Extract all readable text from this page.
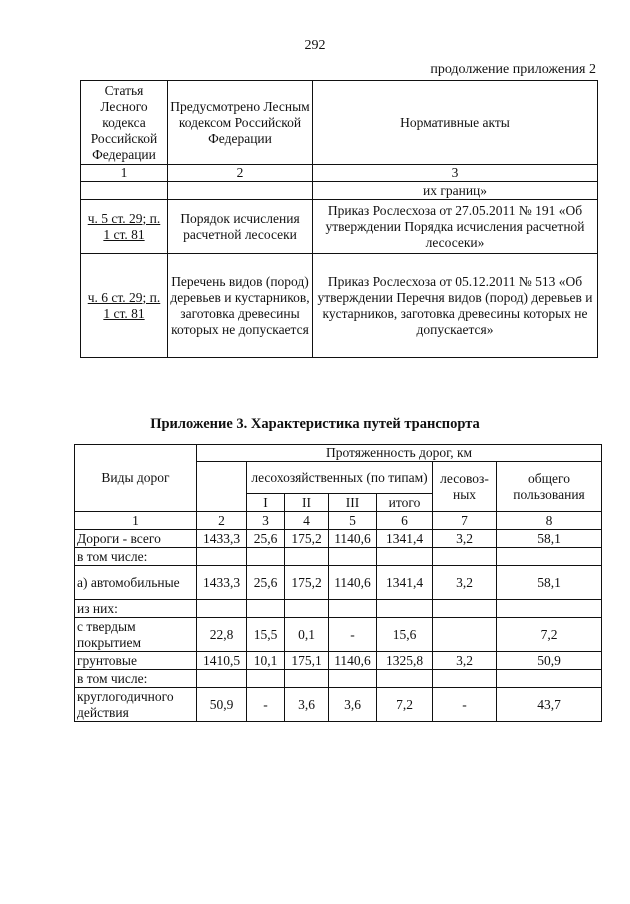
292
продолжение приложения 2
Статья Лесного кодекса Российской Федерации	Предусмотрено Лесным кодексом Российской Федерации	Нормативные акты
1	2	3
		их границ»
ч. 5 ст. 29; п. 1 ст. 81	Порядок исчисления расчетной лесосеки	Приказ Рослесхоза от 27.05.2011 № 191 «Об утверждении Порядка исчисления расчетной лесосеки»
ч. 6 ст. 29; п. 1 ст. 81	Перечень видов (пород) деревьев и кустарников, заготовка древесины которых не допускается	Приказ Рослесхоза от 05.12.2011 № 513 «Об утверждении Перечня видов (пород) деревьев и кустарников, заготовка древесины которых не допускается»
Приложение 3. Характеристика путей транспорта
Виды дорог	Протяженность дорог, км						
		лесохозяйственных (по типам)				лесовоз-ных	общего пользования

		I	II	III	итого		
1	2	3	4	5	6	7	8
Дороги - всего	1433,3	25,6	175,2	1140,6	1341,4	3,2	58,1
в том числе:							
а) автомобильные	1433,3	25,6	175,2	1140,6	1341,4	3,2	58,1
из них:							
с твердым покрытием	22,8	15,5	0,1	-	15,6		7,2
грунтовые	1410,5	10,1	175,1	1140,6	1325,8	3,2	50,9
в том числе:							
круглогодичного действия	50,9	-	3,6	3,6	7,2	-	43,7
